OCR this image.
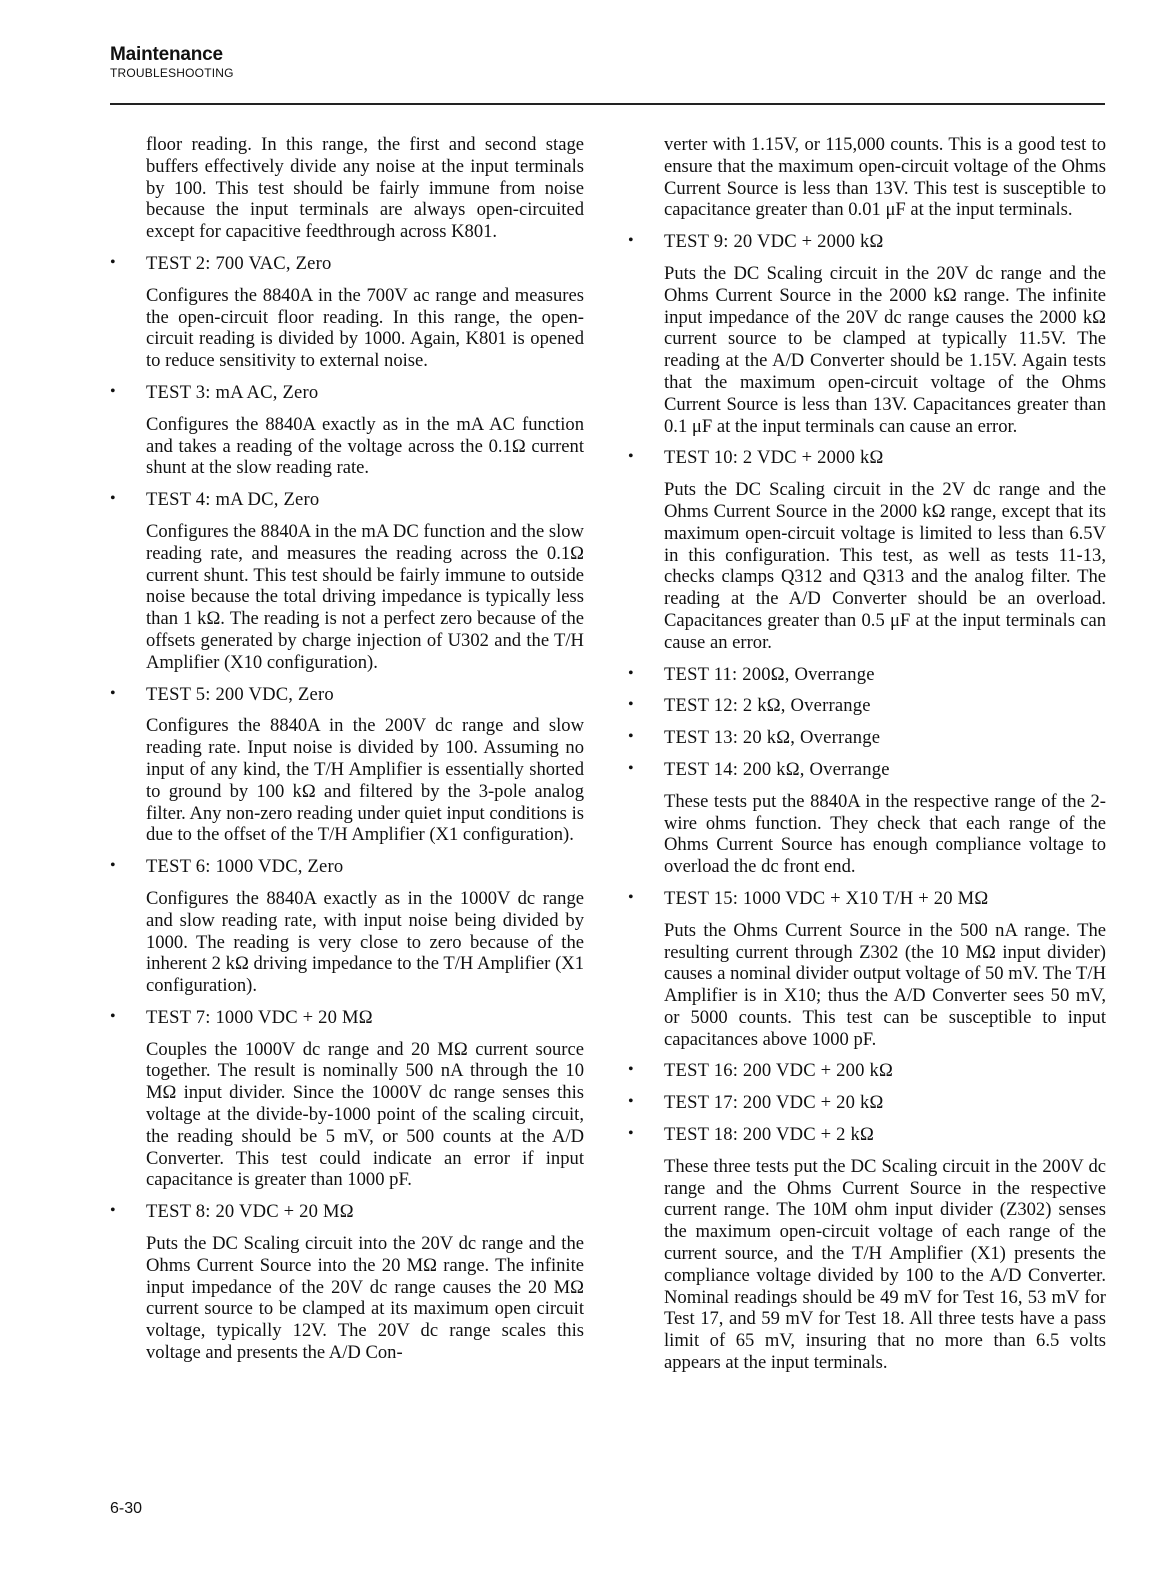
Maintenance
TROUBLESHOOTING

floor reading. In this range, the first and second stage buffers effectively divide any noise at the input terminals by 100. This test should be fairly immune from noise because the input terminals are always open-circuited except for capacitive feedthrough across K801.

• TEST 2: 700 VAC, Zero

Configures the 8840A in the 700V ac range and measures the open-circuit floor reading. In this range, the open-circuit reading is divided by 1000. Again, K801 is opened to reduce sensitivity to external noise.

• TEST 3: mA AC, Zero

Configures the 8840A exactly as in the mA AC function and takes a reading of the voltage across the 0.1Ω current shunt at the slow reading rate.

• TEST 4: mA DC, Zero

Configures the 8840A in the mA DC function and the slow reading rate, and measures the reading across the 0.1Ω current shunt. This test should be fairly immune to outside noise because the total driving impedance is typically less than 1 kΩ. The reading is not a perfect zero because of the offsets generated by charge injection of U302 and the T/H Amplifier (X10 configuration).

• TEST 5: 200 VDC, Zero

Configures the 8840A in the 200V dc range and slow reading rate. Input noise is divided by 100. Assuming no input of any kind, the T/H Amplifier is essentially shorted to ground by 100 kΩ and filtered by the 3-pole analog filter. Any non-zero reading under quiet input conditions is due to the offset of the T/H Amplifier (X1 configuration).

• TEST 6: 1000 VDC, Zero

Configures the 8840A exactly as in the 1000V dc range and slow reading rate, with input noise being divided by 1000. The reading is very close to zero because of the inherent 2 kΩ driving impedance to the T/H Amplifier (X1 configuration).

• TEST 7: 1000 VDC + 20 MΩ

Couples the 1000V dc range and 20 MΩ current source together. The result is nominally 500 nA through the 10 MΩ input divider. Since the 1000V dc range senses this voltage at the divide-by-1000 point of the scaling circuit, the reading should be 5 mV, or 500 counts at the A/D Converter. This test could indicate an error if input capacitance is greater than 1000 pF.

• TEST 8: 20 VDC + 20 MΩ

Puts the DC Scaling circuit into the 20V dc range and the Ohms Current Source into the 20 MΩ range. The infinite input impedance of the 20V dc range causes the 20 MΩ current source to be clamped at its maximum open circuit voltage, typically 12V. The 20V dc range scales this voltage and presents the A/D Con-

verter with 1.15V, or 115,000 counts. This is a good test to ensure that the maximum open-circuit voltage of the Ohms Current Source is less than 13V. This test is susceptible to capacitance greater than 0.01 μF at the input terminals.

• TEST 9: 20 VDC + 2000 kΩ

Puts the DC Scaling circuit in the 20V dc range and the Ohms Current Source in the 2000 kΩ range. The infinite input impedance of the 20V dc range causes the 2000 kΩ current source to be clamped at typically 11.5V. The reading at the A/D Converter should be 1.15V. Again tests that the maximum open-circuit voltage of the Ohms Current Source is less than 13V. Capacitances greater than 0.1 μF at the input terminals can cause an error.

• TEST 10: 2 VDC + 2000 kΩ

Puts the DC Scaling circuit in the 2V dc range and the Ohms Current Source in the 2000 kΩ range, except that its maximum open-circuit voltage is limited to less than 6.5V in this configuration. This test, as well as tests 11-13, checks clamps Q312 and Q313 and the analog filter. The reading at the A/D Converter should be an overload. Capacitances greater than 0.5 μF at the input terminals can cause an error.

• TEST 11: 200Ω, Overrange
• TEST 12: 2 kΩ, Overrange
• TEST 13: 20 kΩ, Overrange
• TEST 14: 200 kΩ, Overrange

These tests put the 8840A in the respective range of the 2-wire ohms function. They check that each range of the Ohms Current Source has enough compliance voltage to overload the dc front end.

• TEST 15: 1000 VDC + X10 T/H + 20 MΩ

Puts the Ohms Current Source in the 500 nA range. The resulting current through Z302 (the 10 MΩ input divider) causes a nominal divider output voltage of 50 mV. The T/H Amplifier is in X10; thus the A/D Converter sees 50 mV, or 5000 counts. This test can be susceptible to input capacitances above 1000 pF.

• TEST 16: 200 VDC + 200 kΩ
• TEST 17: 200 VDC + 20 kΩ
• TEST 18: 200 VDC + 2 kΩ

These three tests put the DC Scaling circuit in the 200V dc range and the Ohms Current Source in the respective current range. The 10M ohm input divider (Z302) senses the maximum open-circuit voltage of each range of the current source, and the T/H Amplifier (X1) presents the compliance voltage divided by 100 to the A/D Converter. Nominal readings should be 49 mV for Test 16, 53 mV for Test 17, and 59 mV for Test 18. All three tests have a pass limit of 65 mV, insuring that no more than 6.5 volts appears at the input terminals.

6-30
